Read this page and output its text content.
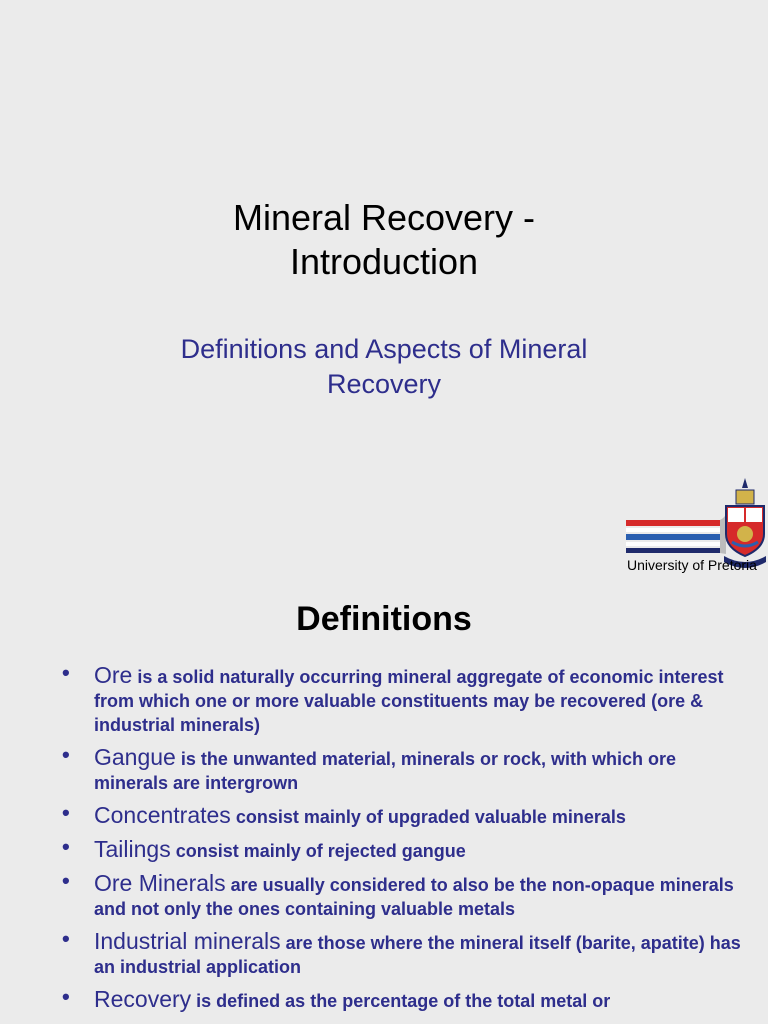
Mineral Recovery -
Introduction
Definitions and Aspects of Mineral
Recovery
University of Pretoria
Definitions
• Ore is a solid naturally occurring mineral aggregate of economic interest from which one or more valuable constituents may be recovered (ore & industrial minerals)
• Gangue is the unwanted material, minerals or rock, with which ore minerals are intergrown
• Concentrates consist mainly of upgraded valuable minerals
• Tailings consist mainly of rejected gangue
• Ore Minerals are usually considered to also be the non-opaque minerals and not only the ones containing valuable metals
• Industrial minerals are those where the mineral itself (barite, apatite) has an industrial application
• Recovery is defined as the percentage of the total metal or
